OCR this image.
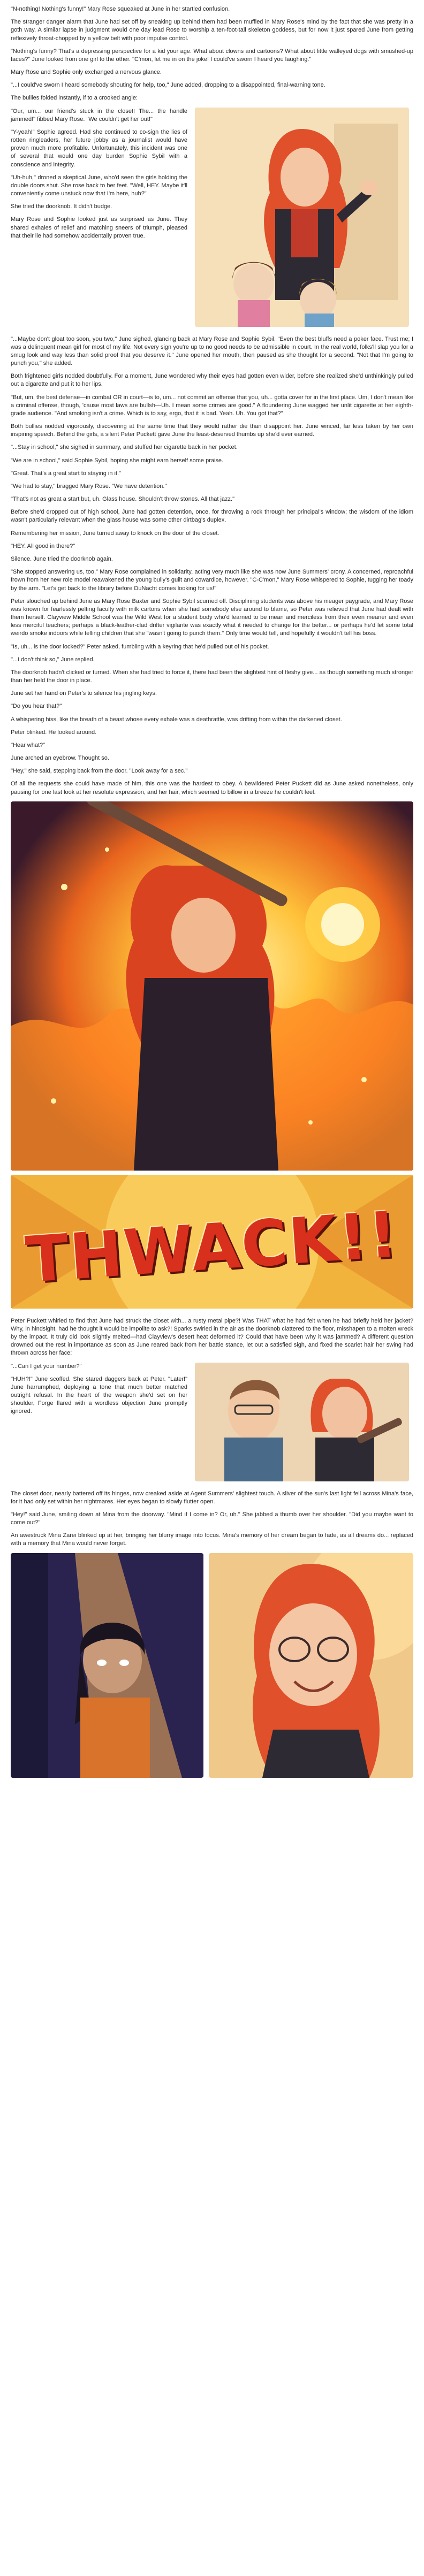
"N-nothing! Nothing's funny!" Mary Rose squeaked at June in her startled confusion.

The stranger danger alarm that June had set off by sneaking up behind them had been muffled in Mary Rose's mind by the fact that she was pretty in a goth way. A similar lapse in judgment would one day lead Rose to worship a ten-foot-tall skeleton goddess, but for now it just spared June from getting reflexively throat-chopped by a yellow belt with poor impulse control.

"Nothing's funny? That's a depressing perspective for a kid your age. What about clowns and cartoons? What about little walleyed dogs with smushed-up faces?" June looked from one girl to the other. "C'mon, let me in on the joke! I could've sworn I heard you laughing."

Mary Rose and Sophie only exchanged a nervous glance.

"...I could've sworn I heard somebody shouting for help, too," June added, dropping to a disappointed, final-warning tone.

The bullies folded instantly, if to a crooked angle:

"Our, um... our friend's stuck in the closet! The... the handle jammed!" fibbed Mary Rose. "We couldn't get her out!"

"Y-yeah!" Sophie agreed. Had she continued to co-sign the lies of rotten ringleaders, her future jobby as a journalist would have proven much more profitable. Unfortunately, this incident was one of several that would one day burden Sophie Sybil with a conscience and integrity.

"Uh-huh," droned a skeptical June, who'd seen the girls holding the double doors shut. She rose back to her feet. "Well, HEY. Maybe it'll conveniently come unstuck now that I'm here, huh?"

She tried the doorknob. It didn't budge.

Mary Rose and Sophie looked just as surprised as June. They shared exhales of relief and matching sneers of triumph, pleased that their lie had somehow accidentally proven true.

"...Maybe don't gloat too soon, you two," June sighed, glancing back at Mary Rose and Sophie Sybil. "Even the best bluffs need a poker face. Trust me; I was a delinquent mean girl for most of my life. Not every sign you're up to no good needs to be admissible in court. In the real world, folks'll slap you for a smug look and way less than solid proof that you deserve it." June opened her mouth, then paused as she thought for a second. "Not that I'm going to punch you," she added.

Both frightened girls nodded doubtfully. For a moment, June wondered why their eyes had gotten even wider, before she realized she'd unthinkingly pulled out a cigarette and put it to her lips.

"But, um, the best defense—in combat OR in court—is to, um... not commit an offense that you, uh... gotta cover for in the first place. Um, I don't mean like a criminal offense, though, 'cause most laws are bullsh—Uh. I mean some crimes are good." A floundering June wagged her unlit cigarette at her eighth-grade audience. "And smoking isn't a crime. Which is to say, ergo, that it is bad. Yeah. Uh. You got that?"

Both bullies nodded vigorously, discovering at the same time that they would rather die than disappoint her. June winced, far less taken by her own inspiring speech. Behind the girls, a silent Peter Puckett gave June the least-deserved thumbs up she'd ever earned.

"...Stay in school," she sighed in summary, and stuffed her cigarette back in her pocket.

"We are in school," said Sophie Sybil, hoping she might earn herself some praise.

"Great. That's a great start to staying in it."

"We had to stay," bragged Mary Rose. "We have detention."

"That's not as great a start but, uh. Glass house. Shouldn't throw stones. All that jazz."

Before she'd dropped out of high school, June had gotten detention, once, for throwing a rock through her principal's window; the wisdom of the idiom wasn't particularly relevant when the glass house was some other dirtbag's duplex.

Remembering her mission, June turned away to knock on the door of the closet.

"HEY. All good in there?"

Silence. June tried the doorknob again.

"She stopped answering us, too," Mary Rose complained in solidarity, acting very much like she was now June Summers' crony. A concerned, reproachful frown from her new role model reawakened the young bully's guilt and cowardice, however. "C-C'mon," Mary Rose whispered to Sophie, tugging her toady by the arm. "Let's get back to the library before DuNacht comes looking for us!"

Peter slouched up behind June as Mary Rose Baxter and Sophie Sybil scurried off. Disciplining students was above his meager paygrade, and Mary Rose was known for fearlessly pelting faculty with milk cartons when she had somebody else around to blame, so Peter was relieved that June had dealt with them herself. Clayview Middle School was the Wild West for a student body who'd learned to be mean and merciless from their even meaner and even less merciful teachers; perhaps a black-leather-clad drifter vigilante was exactly what it needed to change for the better... or perhaps he'd let some total weirdo smoke indoors while telling children that she "wasn't going to punch them." Only time would tell, and hopefully it wouldn't tell his boss.

"Is, uh... is the door locked?" Peter asked, fumbling with a keyring that he'd pulled out of his pocket.

"...I don't think so," June replied.

The doorknob hadn't clicked or turned. When she had tried to force it, there had been the slightest hint of fleshy give... as though something much stronger than her held the door in place.

June set her hand on Peter's to silence his jingling keys.

"Do you hear that?"

A whispering hiss, like the breath of a beast whose every exhale was a deathrattle, was drifting from within the darkened closet.

Peter blinked. He looked around.

"Hear what?"

June arched an eyebrow. Thought so.

"Hey," she said, stepping back from the door. "Look away for a sec."

Of all the requests she could have made of him, this one was the hardest to obey. A bewildered Peter Puckett did as June asked nonetheless, only pausing for one last look at her resolute expression, and her hair, which seemed to billow in a breeze he couldn't feel.

THWACK!!

Peter Puckett whirled to find that June had struck the closet with... a rusty metal pipe?! Was THAT what he had felt when he had briefly held her jacket? Why, in hindsight, had he thought it would be impolite to ask?! Sparks swirled in the air as the doorknob clattered to the floor, misshapen to a molten wreck by the impact. It truly did look slightly melted—had Clayview's desert heat deformed it? Could that have been why it was jammed? A different question drowned out the rest in importance as soon as June reared back from her battle stance, let out a satisfied sigh, and fixed the scarlet hair her swing had thrown across her face:

"...Can I get your number?"

"HUH?!" June scoffed. She stared daggers back at Peter. "Later!" June harrumphed, deploying a tone that much better matched outright refusal. In the heart of the weapon she'd set on her shoulder, Forge flared with a wordless objection June promptly ignored.

The closet door, nearly battered off its hinges, now creaked aside at Agent Summers' slightest touch. A sliver of the sun's last light fell across Mina's face, for it had only set within her nightmares. Her eyes began to slowly flutter open.

"Hey!" said June, smiling down at Mina from the doorway. "Mind if I come in? Or, uh." She jabbed a thumb over her shoulder. "Did you maybe want to come out?"

An awestruck Mina Zarei blinked up at her, bringing her blurry image into focus. Mina's memory of her dream began to fade, as all dreams do... replaced with a memory that Mina would never forget.
